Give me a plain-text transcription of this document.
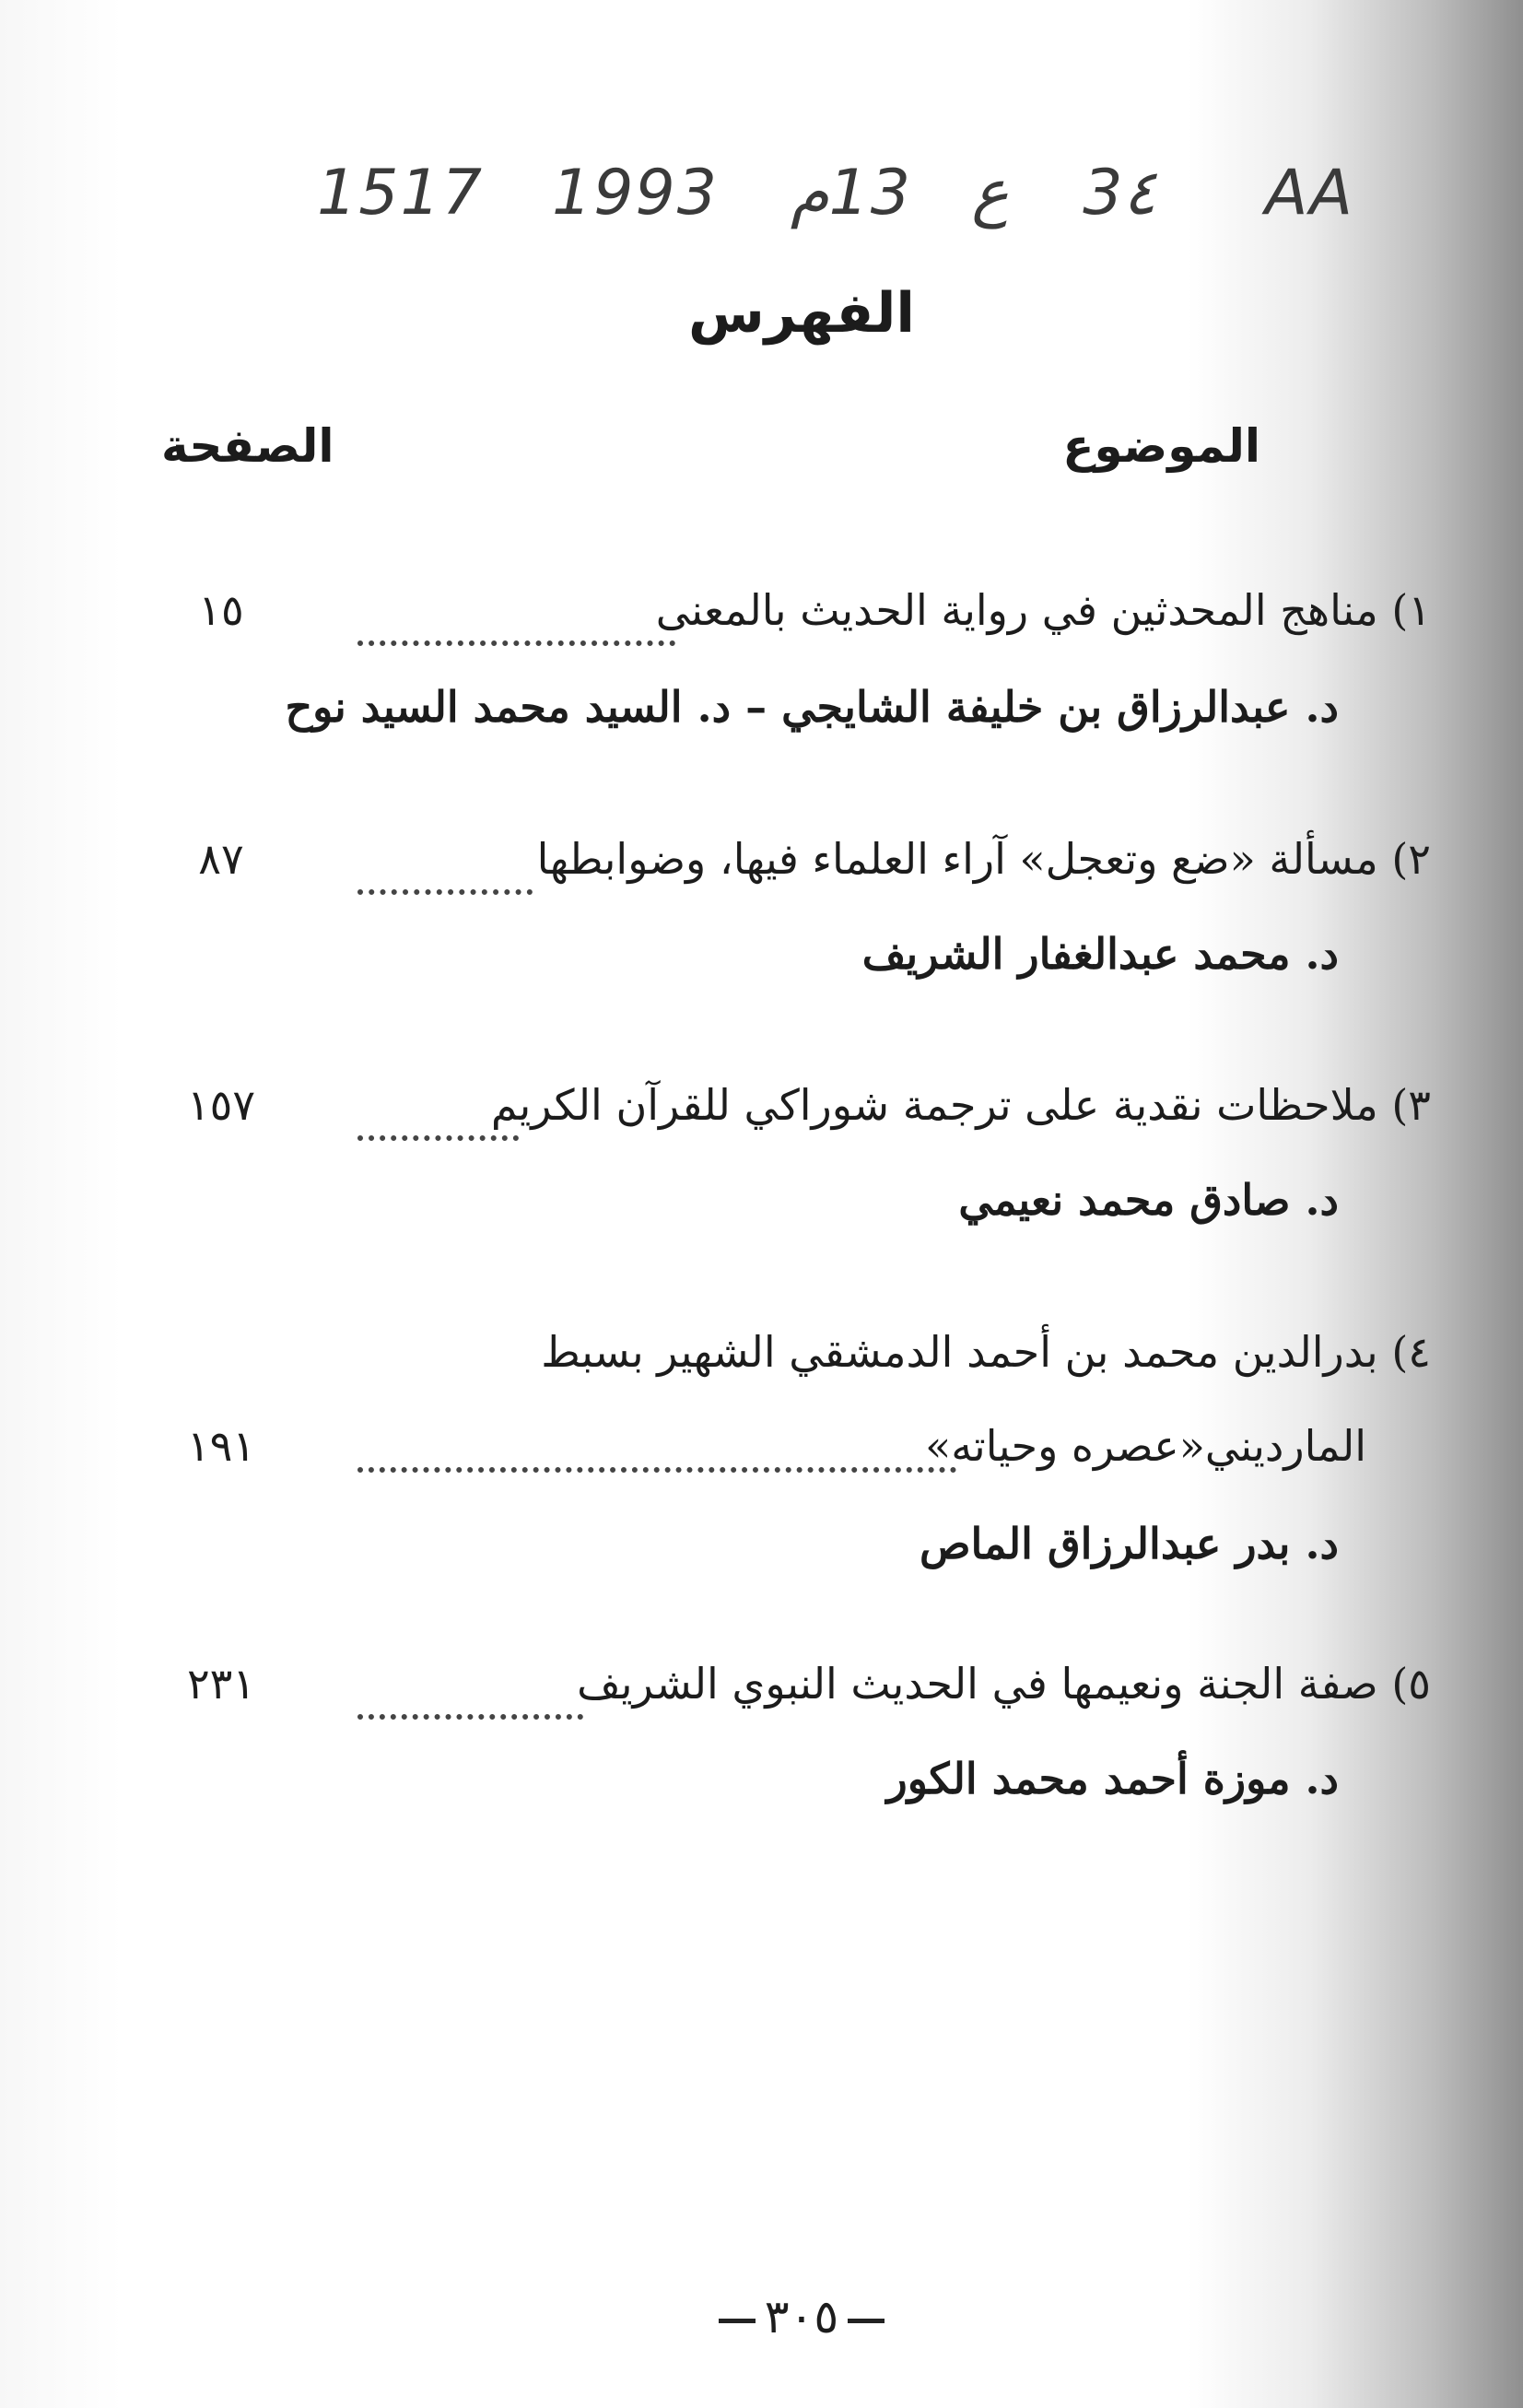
AA
3٤
ع
13
م
1993
1517
الفهرس
الموضوع
الصفحة
١) مناهج المحدثين في رواية الحديث بالمعنى
١٥
د. عبدالرزاق بن خليفة الشايجي – د. السيد محمد السيد نوح
٢) مسألة «ضع وتعجل» آراء العلماء فيها، وضوابطها
٨٧
د. محمد عبدالغفار الشريف
٣) ملاحظات نقدية على ترجمة شوراكي للقرآن الكريم
١٥٧
د. صادق محمد نعيمي
٤) بدرالدين محمد بن أحمد الدمشقي الشهير بسبط
المارديني«عصره وحياته»
١٩١
د. بدر عبدالرزاق الماص
٥) صفة الجنة ونعيمها في الحديث النبوي الشريف
٢٣١
د. موزة أحمد محمد الكور
٣٠٥
